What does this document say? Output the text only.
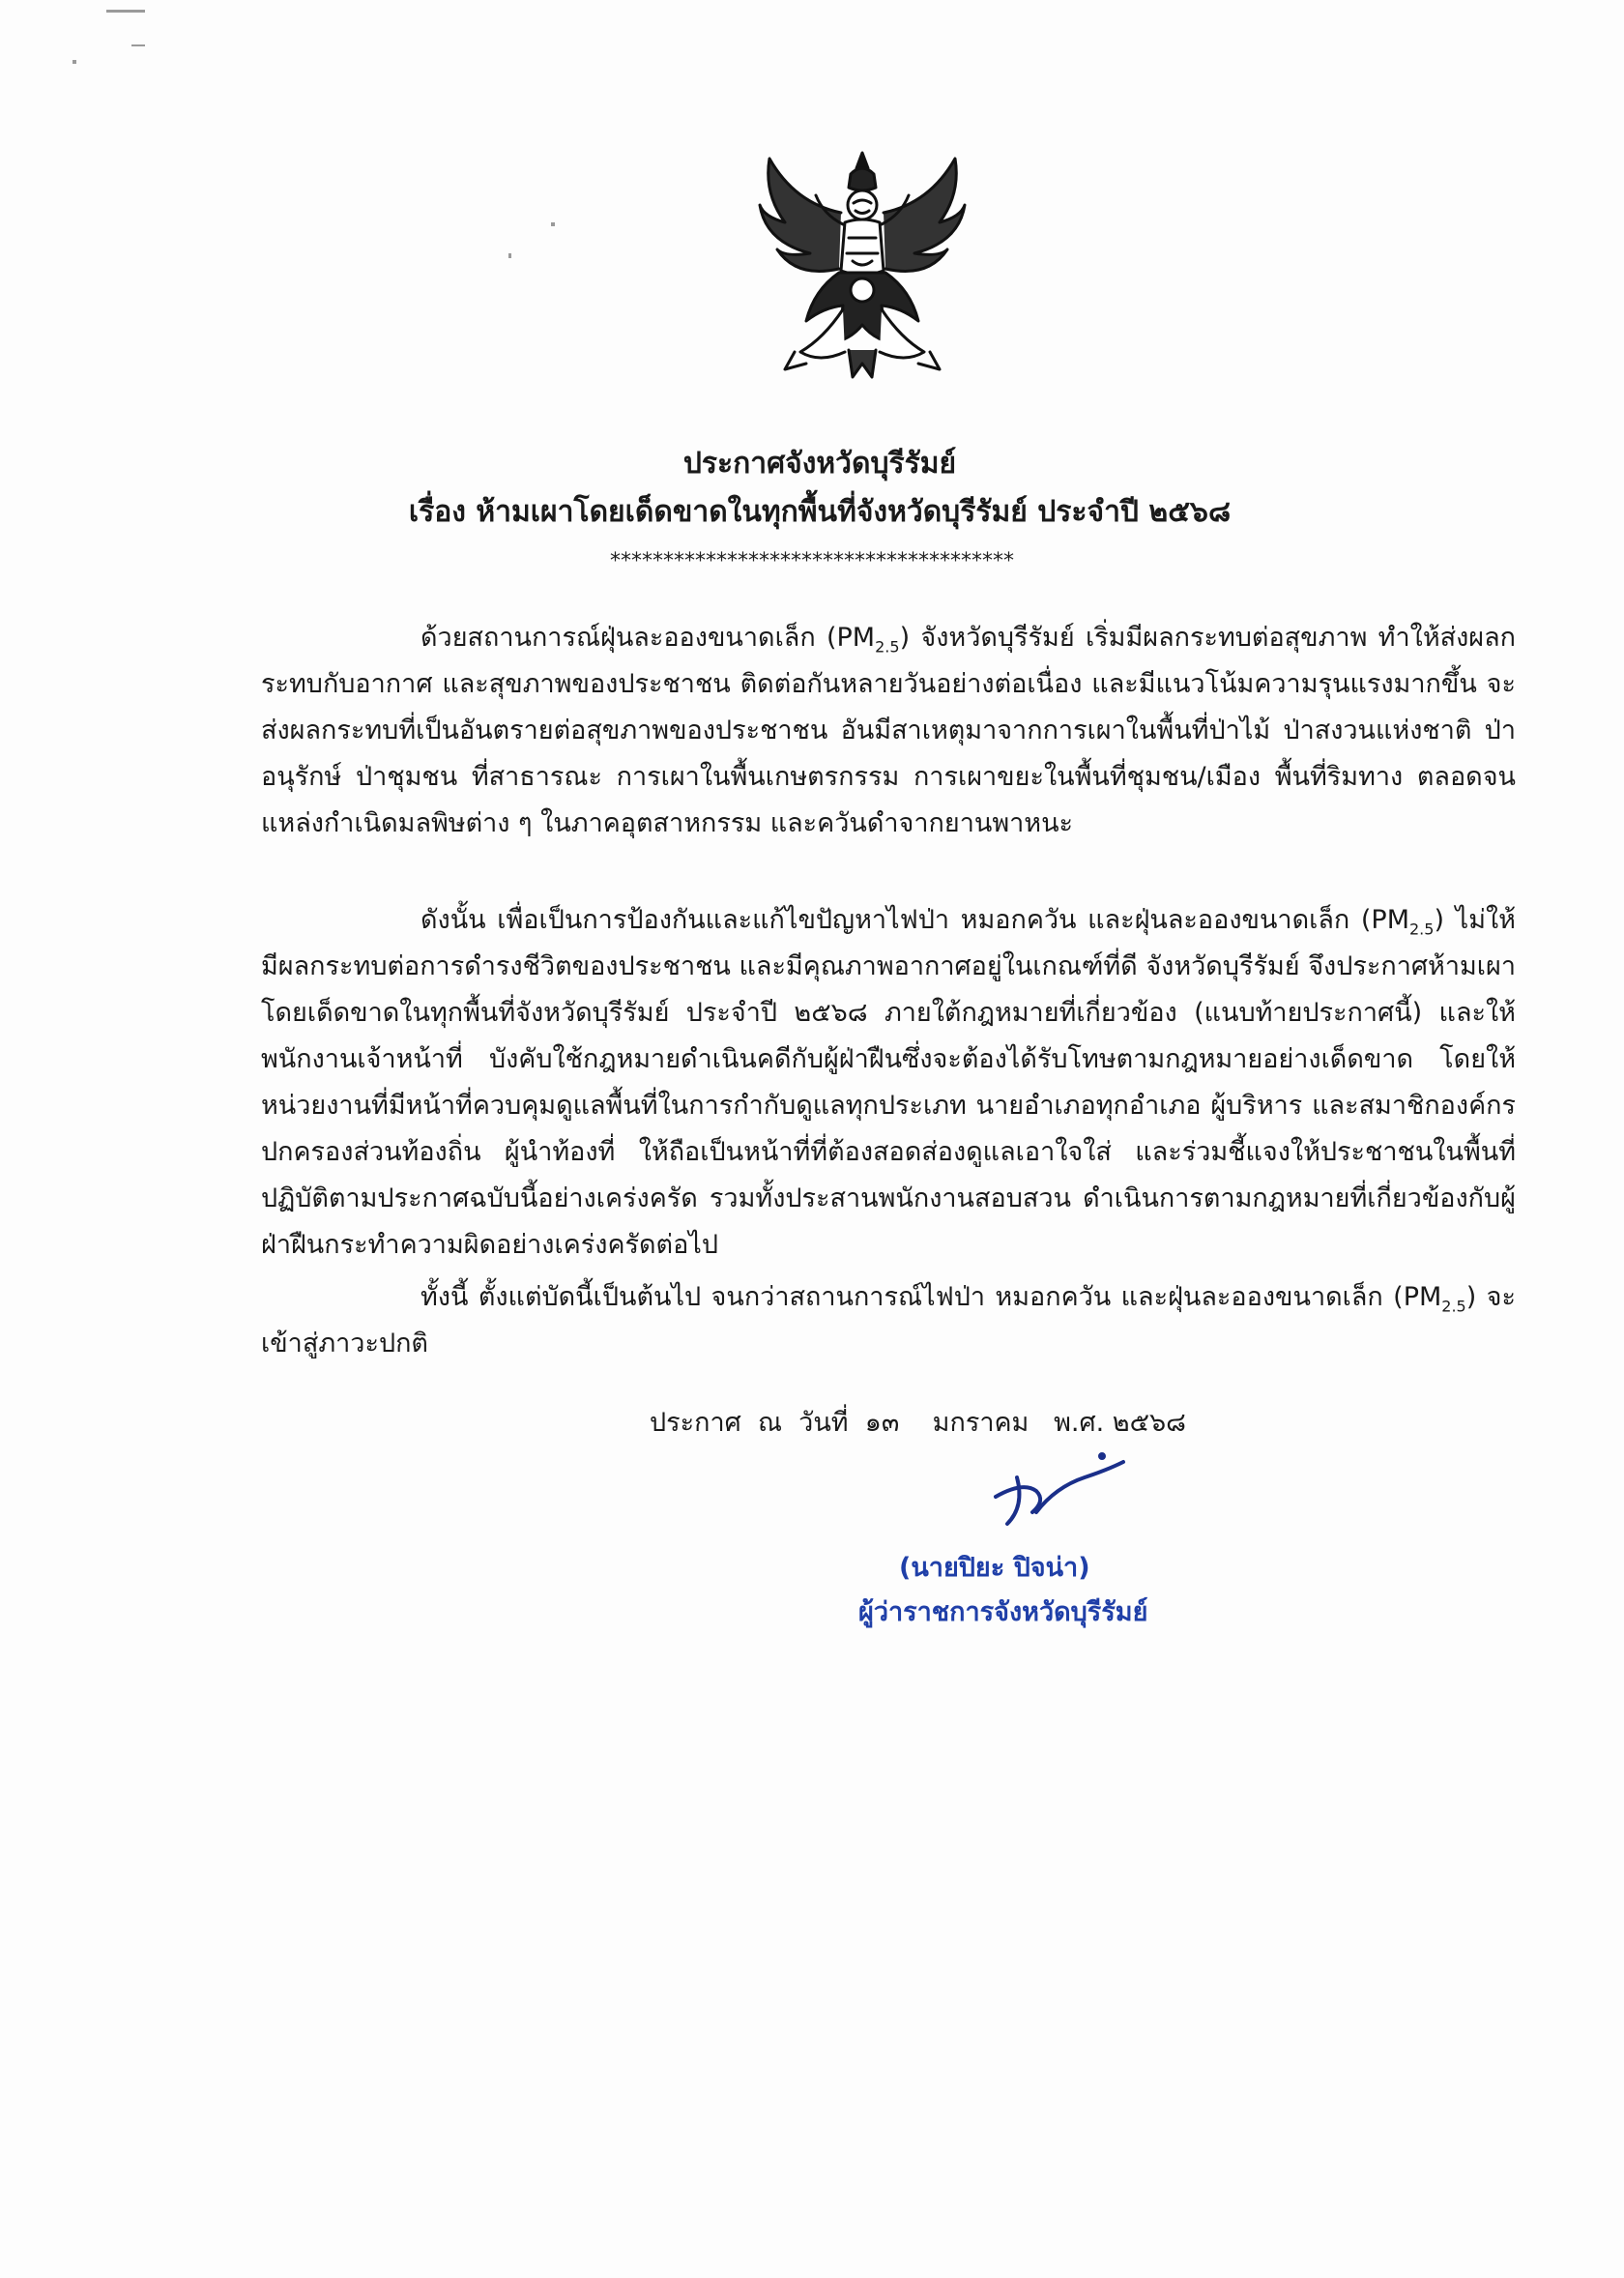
ประกาศจังหวัดบุรีรัมย์
เรื่อง ห้ามเผาโดยเด็ดขาดในทุกพื้นที่จังหวัดบุรีรัมย์ ประจำปี ๒๕๖๘
**************************************

ด้วยสถานการณ์ฝุ่นละอองขนาดเล็ก $(PM_{2.5})$ จังหวัดบุรีรัมย์ เริ่มมีผลกระทบต่อสุขภาพ ทำให้ส่งผลกระทบกับอากาศ และสุขภาพของประชาชน ติดต่อกันหลายวันอย่างต่อเนื่อง และมีแนวโน้มความรุนแรงมากขึ้น จะส่งผลกระทบที่เป็นอันตรายต่อสุขภาพของประชาชน อันมีสาเหตุมาจากการเผาในพื้นที่ป่าไม้ ป่าสงวนแห่งชาติ ป่าอนุรักษ์ ป่าชุมชน ที่สาธารณะ การเผาในพื้นเกษตรกรรม การเผาขยะในพื้นที่ชุมชน/เมือง พื้นที่ริมทาง ตลอดจนแหล่งกำเนิดมลพิษต่าง ๆ ในภาคอุตสาหกรรม และควันดำจากยานพาหนะ

ดังนั้น เพื่อเป็นการป้องกันและแก้ไขปัญหาไฟป่า หมอกควัน และฝุ่นละอองขนาดเล็ก $(PM_{2.5})$ ไม่ให้มีผลกระทบต่อการดำรงชีวิตของประชาชน และมีคุณภาพอากาศอยู่ในเกณฑ์ที่ดี จังหวัดบุรีรัมย์ จึงประกาศห้ามเผาโดยเด็ดขาดในทุกพื้นที่จังหวัดบุรีรัมย์ ประจำปี ๒๕๖๘ ภายใต้กฎหมายที่เกี่ยวข้อง (แนบท้ายประกาศนี้) และให้พนักงานเจ้าหน้าที่ บังคับใช้กฎหมายดำเนินคดีกับผู้ฝ่าฝืนซึ่งจะต้องได้รับโทษตามกฎหมายอย่างเด็ดขาด โดยให้หน่วยงานที่มีหน้าที่ควบคุมดูแลพื้นที่ในการกำกับดูแลทุกประเภท นายอำเภอทุกอำเภอ ผู้บริหาร และสมาชิกองค์กรปกครองส่วนท้องถิ่น ผู้นำท้องที่ ให้ถือเป็นหน้าที่ที่ต้องสอดส่องดูแลเอาใจใส่ และร่วมชี้แจงให้ประชาชนในพื้นที่ปฏิบัติตามประกาศฉบับนี้อย่างเคร่งครัด รวมทั้งประสานพนักงานสอบสวน ดำเนินการตามกฎหมายที่เกี่ยวข้องกับผู้ฝ่าฝืนกระทำความผิดอย่างเคร่งครัดต่อไป

ทั้งนี้ ตั้งแต่บัดนี้เป็นต้นไป จนกว่าสถานการณ์ไฟป่า หมอกควัน และฝุ่นละอองขนาดเล็ก $(PM_{2.5})$ จะเข้าสู่ภาวะปกติ

ประกาศ  ณ  วันที่  ๑๓    มกราคม   พ.ศ. ๒๕๖๘
(นายปิยะ ปิจน่า)
ผู้ว่าราชการจังหวัดบุรีรัมย์
